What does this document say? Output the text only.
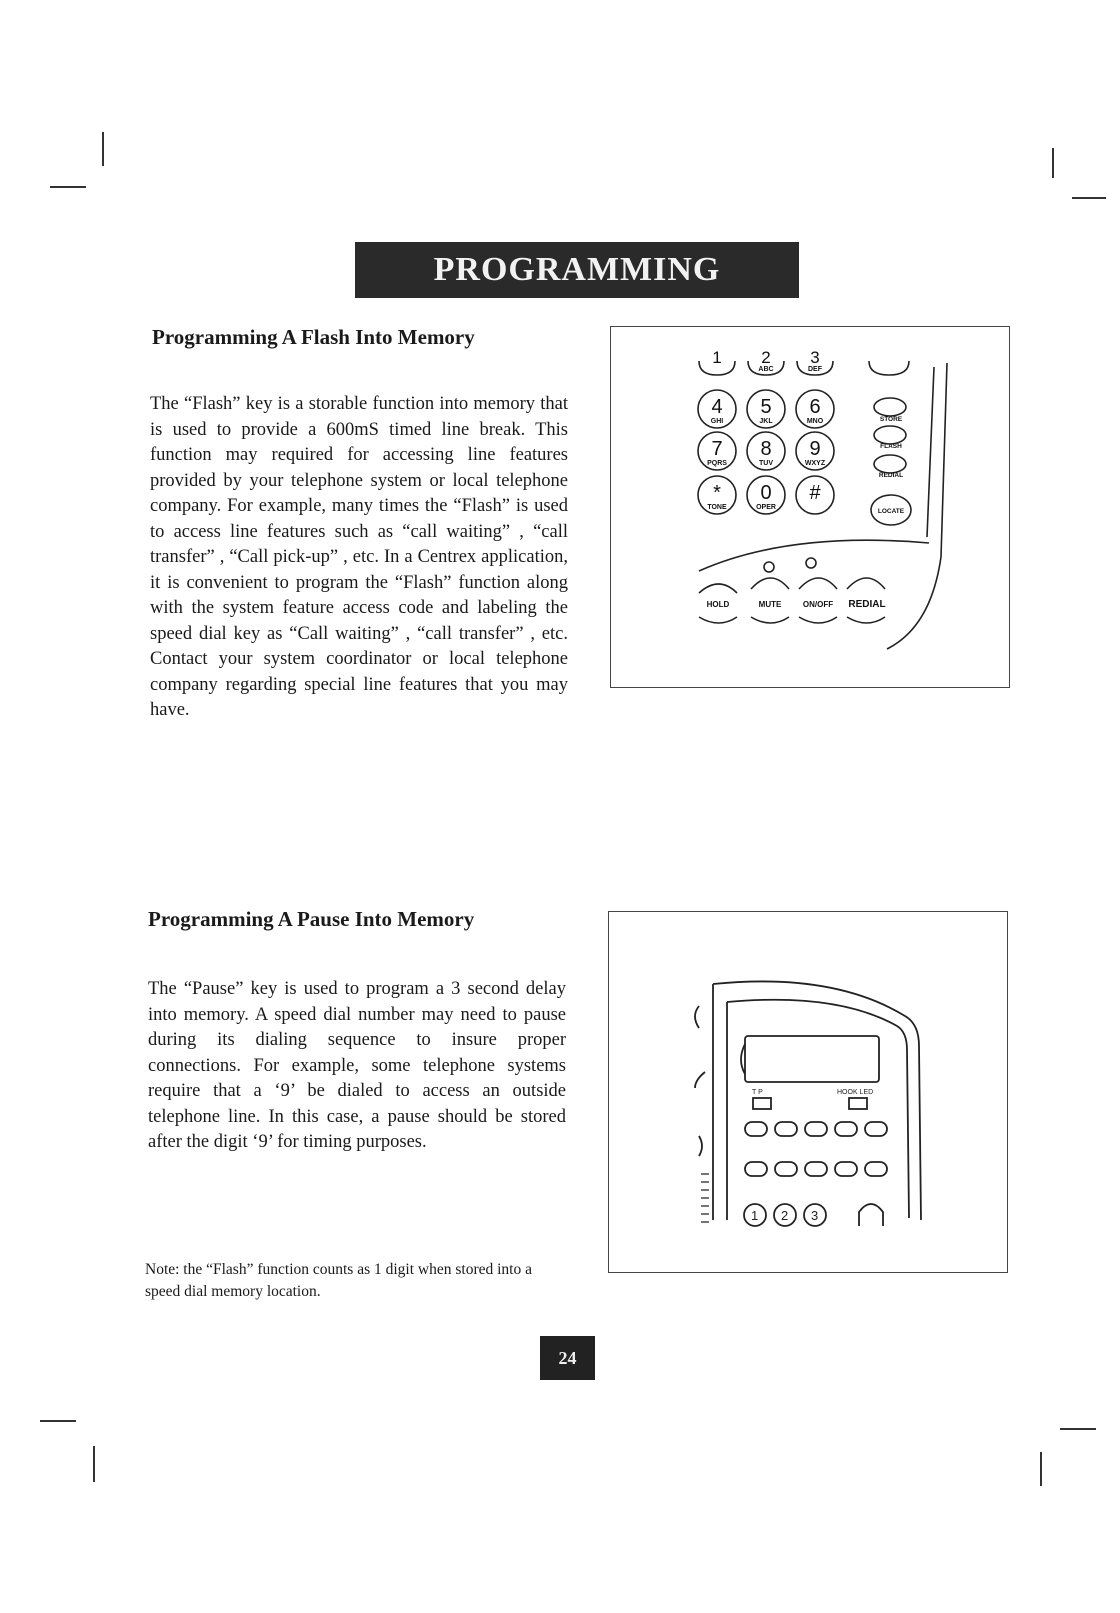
PROGRAMMING
Programming A Flash Into Memory

The “Flash” key is a storable function into memory that is used to provide a 600mS timed line break. This function may required for accessing line features provided by your telephone system or local telephone company. For example, many times the “Flash” is used to access line features such as “call waiting” , “call transfer” , “Call pick-up” , etc. In a Centrex application, it is convenient to program the “Flash” function along with the system feature access code and labeling the speed dial key as “Call waiting” , “call transfer” , etc. Contact your system coordinator or local telephone company regarding special line features that you may have.

1 2
ABC
3
DEF
4
GHI
5
JKL
6
MNO
7
PQRS
8
TUV
9
WXYZ
*
TONE
0
OPER
#
STORE
FLASH
REDIAL
LOCATE
HOLD	MUTE	ON/OFF REDIAL
Programming A Pause Into Memory

The “Pause” key is used to program a 3 second delay into memory. A speed dial number may need to pause during its dialing sequence to insure proper connections. For example, some telephone systems require that a ‘9’ be dialed to access an outside telephone line. In this case, a pause should be stored after the digit ‘9’ for timing purposes.

Note: the “Flash” function counts as 1 digit when stored into a speed dial memory location.

T P	HOOK LED
1 2 3
24
